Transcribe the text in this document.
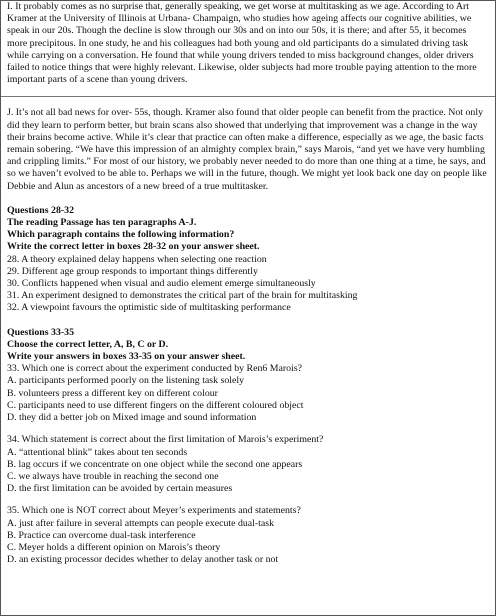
I. It probably comes as no surprise that, generally speaking, we get worse at multitasking as we age. According to Art Kramer at the University of Illinois at Urbana- Champaign, who studies how ageing affects our cognitive abilities, we speak in our 20s. Though the decline is slow through our 30s and on into our 50s, it is there; and after 55, it becomes more precipitous. In one study, he and his colleagues had both young and old participants do a simulated driving task while carrying on a conversation. He found that while young drivers tended to miss background changes, older drivers failed to notice things that were highly relevant. Likewise, older subjects had more trouble paying attention to the more important parts of a scene than young drivers.

J. It’s not all bad news for over- 55s, though. Kramer also found that older people can benefit from the practice. Not only did they learn to perform better, but brain scans also showed that underlying that improvement was a change in the way their brains become active. While it’s clear that practice can often make a difference, especially as we age, the basic facts remain sobering. “We have this impression of an almighty complex brain,” says Marois, “and yet we have very humbling and crippling limits.” For most of our history, we probably never needed to do more than one thing at a time, he says, and so we haven’t evolved to be able to. Perhaps we will in the future, though. We might yet look back one day on people like Debbie and Alun as ancestors of a new breed of a true multitasker.

Questions 28-32

The reading Passage has ten paragraphs A-J.

Which paragraph contains the following information?

Write the correct letter in boxes 28-32 on your answer sheet.

28. A theory explained delay happens when selecting one reaction

29. Different age group responds to important things differently

30. Conflicts happened when visual and audio element emerge simultaneously

31. An experiment designed to demonstrates the critical part of the brain for multitasking

32. A viewpoint favours the optimistic side of multitasking performance

Questions 33-35

Choose the correct letter, A, B, C or D.

Write your answers in boxes 33-35 on your answer sheet.

33. Which one is correct about the experiment conducted by Ren6 Marois?

A. participants performed poorly on the listening task solely

B. volunteers press a different key on different colour

C. participants need to use different fingers on the different coloured object

D. they did a better job on Mixed image and sound information

34. Which statement is correct about the first limitation of Marois’s experiment?

A. “attentional blink” takes about ten seconds

B. lag occurs if we concentrate on one object while the second one appears

C. we always have trouble in reaching the second one

D. the first limitation can be avoided by certain measures

35. Which one is NOT correct about Meyer’s experiments and statements?

A. just after failure in several attempts can people execute dual-task

B. Practice can overcome dual-task interference

C. Meyer holds a different opinion on Marois’s theory

D. an existing processor decides whether to delay another task or not
